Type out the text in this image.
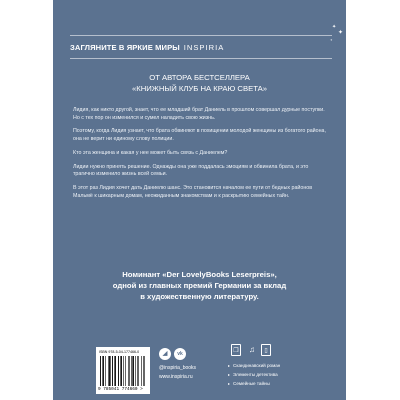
✦
✦
✦
ЗАГЛЯНИТЕ В ЯРКИЕ МИРЫ INSPIRIA
ОТ АВТОРА БЕСТСЕЛЛЕРА
«КНИЖНЫЙ КЛУБ НА КРАЮ СВЕТА»

Лидия, как никто другой, знает, что ее младший брат Даниель в прошлом совершал дурные поступки. Но с тех пор он изменился и сумел наладить свою жизнь.

Поэтому, когда Лидия узнает, что брата обвиняют в похищении молодой женщины из богатого района, она не верит ни единому слову полиции.

Кто эта женщина и какая у нее может быть связь с Даниелем?

Лидии нужно принять решение. Однажды она уже поддалась эмоциям и обвинила брата, и это трагично изменило жизнь всей семьи.

В этот раз Лидия хочет дать Даниелю шанс. Это становится началом ее пути от бедных районов Мальмё к шикарным домам, неожиданным знакомствам и к раскрытию семейных тайн.

Номинант «Der LovelyBooks Leserpreis»,
одной из главных премий Германии за вклад
в художественную литературу.
ISBN 978-5-04-177466-0
9 785041 774660 >
◢	vk
@inspiria_books
www.inspiria.ru
❐ ♫	▯
▸ Скандинавский роман
▸ Элементы детектива
▸ Семейные тайны
